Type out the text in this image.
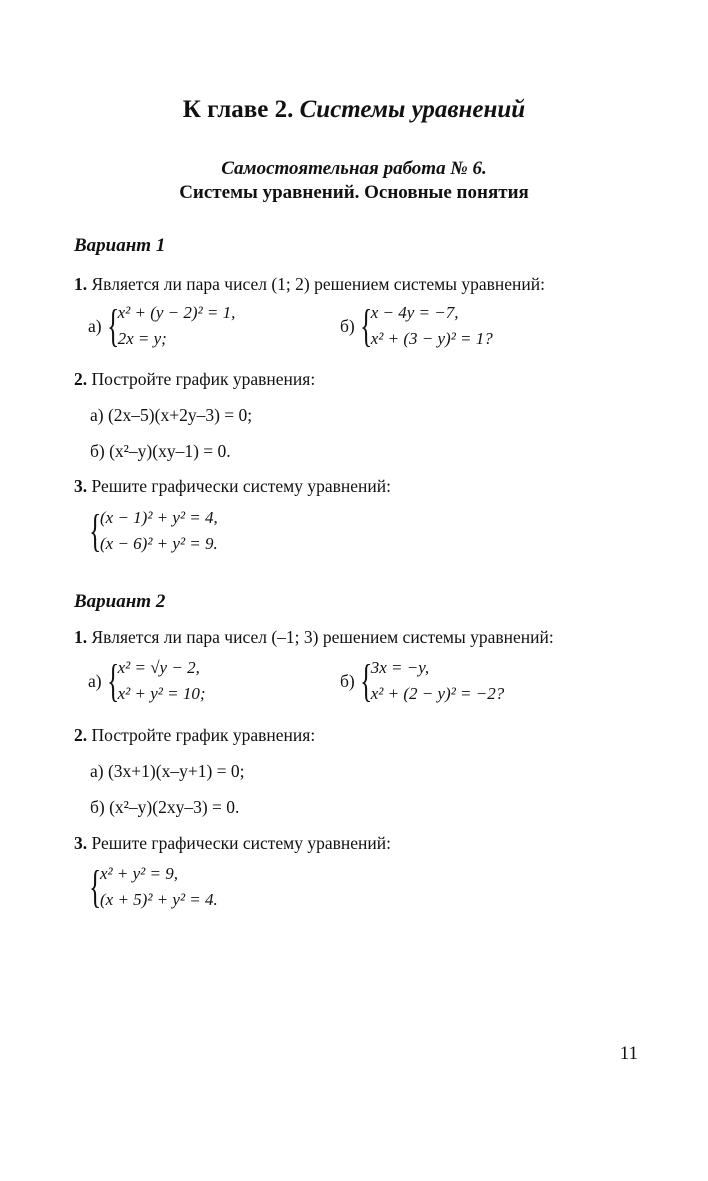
К главе 2. Системы уравнений
Самостоятельная работа № 6.
Системы уравнений. Основные понятия
Вариант 1
1. Является ли пара чисел (1; 2) решением системы уравнений:
а) {
x² + (y − 2)² = 1,
2x = y;
б) {
x − 4y = −7,
x² + (3 − y)² = 1?
2. Постройте график уравнения:
а) (2x–5)(x+2y–3) = 0;
б) (x²–y)(xy–1) = 0.
3. Решите графически систему уравнений:
{
(x − 1)² + y² = 4,
(x − 6)² + y² = 9.
Вариант 2
1. Является ли пара чисел (–1; 3) решением системы уравнений:
а) {
x² = √y − 2,
x² + y² = 10;
б) {
3x = −y,
x² + (2 − y)² = −2?
2. Постройте график уравнения:
а) (3x+1)(x–y+1) = 0;
б) (x²–y)(2xy–3) = 0.
3. Решите графически систему уравнений:
{
x² + y² = 9,
(x + 5)² + y² = 4.
11
